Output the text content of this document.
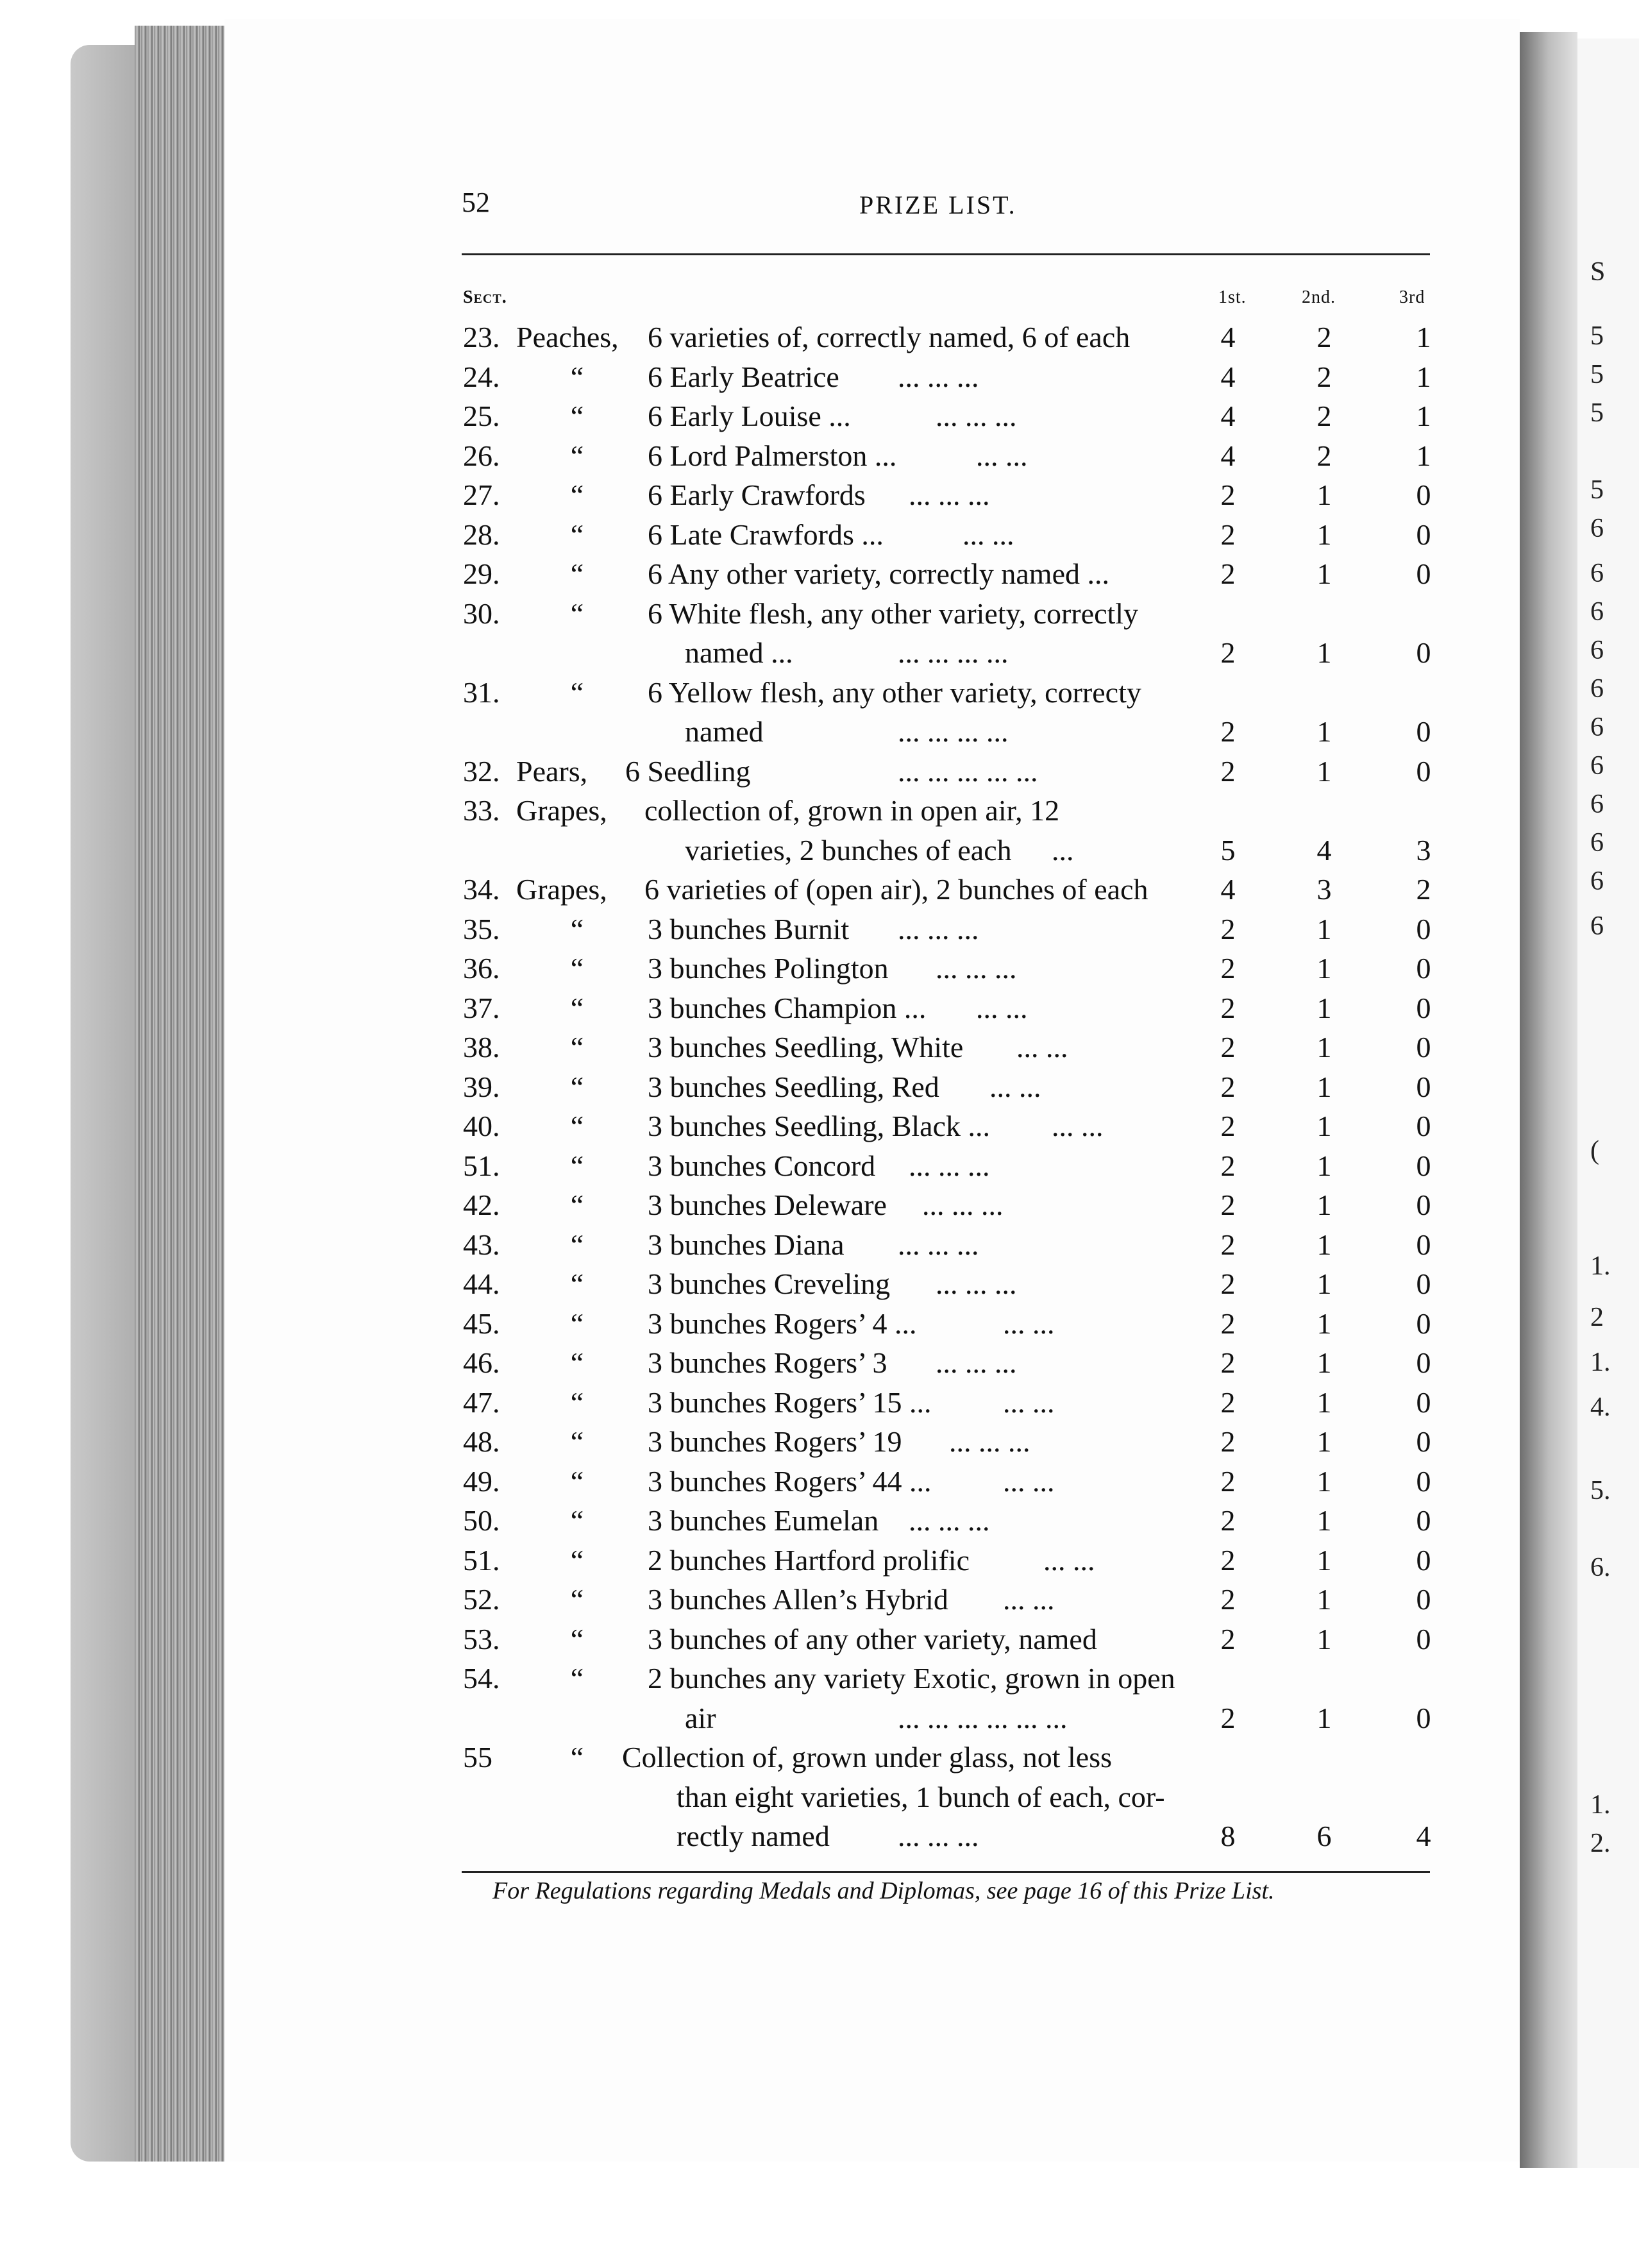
S
5
5
5
5
6
6
6
6
6
6
6
6
6
6
6
(
1.
2
1.
4.
5.
6.
1.
2.
52	PRIZE LIST.
Sect.	1st.	2nd.	3rd
23. Peaches, 6 varieties of, correctly named, 6 of each	4	2	1
24.	“	6 Early Beatrice ... ... ...	4	2	1
25.	“	6 Early Louise ...	... ... ...	4	2	1
26.	“	6 Lord Palmerston ...	... ...	4	2	1
27.	“	6 Early Crawfords ... ... ...	2	1	0
28.	“	6 Late Crawfords ...	... ...	2	1	0
29.	“	6 Any other variety, correctly named ...	2	1	0
30.	“	6 White flesh, any other variety, correctly
named ...	... ... ... ...	2	1	0
31.	“	6 Yellow flesh, any other variety, correcty
named	... ... ... ...	2	1	0
32. Pears, 6 Seedling	... ... ... ... ...	2	1	0
33. Grapes, collection of, grown in open air, 12
varieties, 2 bunches of each ...	5	4	3
34. Grapes, 6 varieties of (open air), 2 bunches of each 4	3	2
35.	“	3 bunches Burnit ... ... ...	2	1	0
36.	“	3 bunches Polington ... ... ...	2	1	0
37.	“	3 bunches Champion ... ... ...	2	1	0
38.	“	3 bunches Seedling, White ... ...	2	1	0
39.	“	3 bunches Seedling, Red ... ...	2	1	0
40.	“	3 bunches Seedling, Black ... ... ...	2	1	0
51.	“	3 bunches Concord ... ... ...	2	1	0
42.	“	3 bunches Deleware ... ... ...	2	1	0
43.	“	3 bunches Diana ... ... ...	2	1	0
44.	“	3 bunches Creveling ... ... ...	2	1	0
45.	“	3 bunches Rogers’ 4 ...	... ...	2	1	0
46.	“	3 bunches Rogers’ 3 ... ... ...	2	1	0
47.	“	3 bunches Rogers’ 15 ... ... ...	2	1	0
48.	“	3 bunches Rogers’ 19 ... ... ...	2	1	0
49.	“	3 bunches Rogers’ 44 ... ... ...	2	1	0
50.	“	3 bunches Eumelan ... ... ...	2	1	0
51.	“	2 bunches Hartford prolific ... ...	2	1	0
52.	“	3 bunches Allen’s Hybrid ... ...	2	1	0
53.	“	3 bunches of any other variety, named	2	1	0
54.	“	2 bunches any variety Exotic, grown in open
air	... ... ... ... ... ...	2	1	0
55	“	Collection of, grown under glass, not less
than eight varieties, 1 bunch of each, cor-
rectly named ... ... ...	8	6	4
For Regulations regarding Medals and Diplomas, see page 16 of this Prize List.
